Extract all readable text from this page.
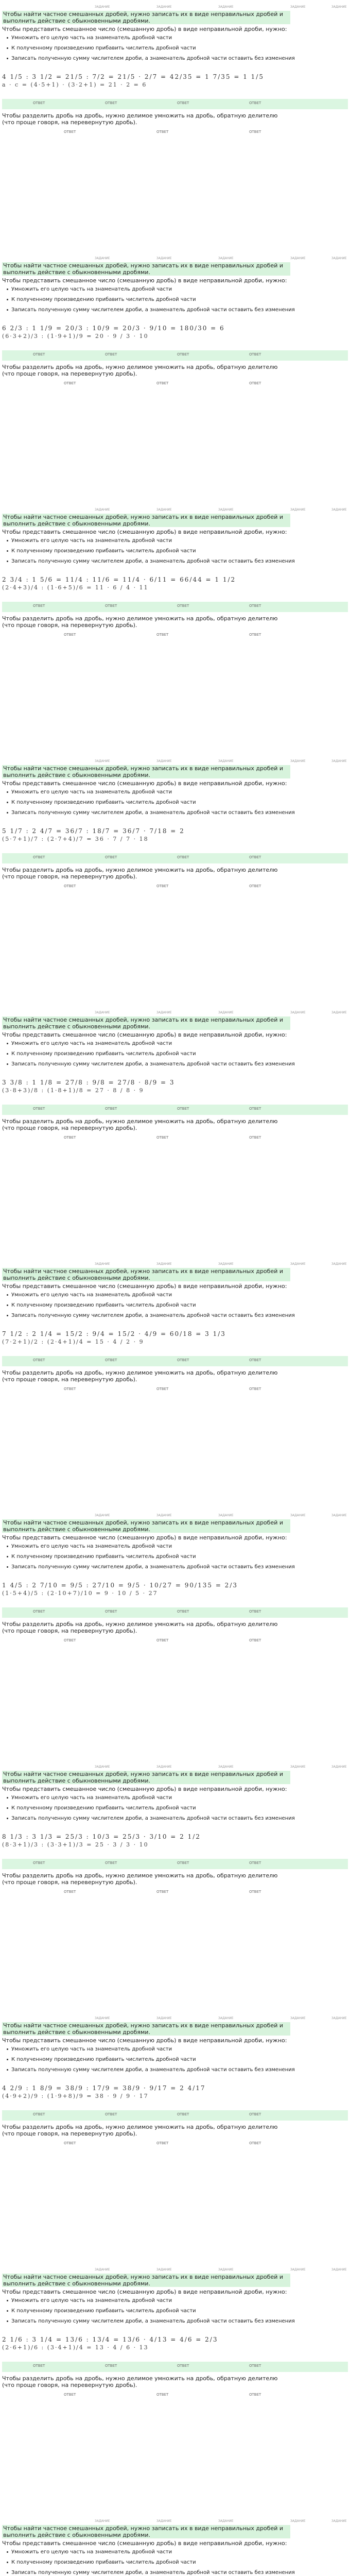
ЗАДАНИЕ	ЗАДАНИЕ	ЗАДАНИЕ	ЗАДАНИЕ	ЗАДАНИЕ
Чтобы найти частное смешанных дробей, нужно записать их в виде неправильных дробей и выполнить действие с обыкновенными дробями.
Чтобы представить смешанное число (смешанную дробь) в виде неправильной дроби, нужно:
Умножить его целую часть на знаменатель дробной части
К полученному произведению прибавить числитель дробной части
Записать полученную сумму числителем дроби, а знаменатель дробной части оставить без изменения
4 1/5 : 3 1/2 = 21/5 : 7/2 = 21/5 · 2/7 = 42/35 = 1 7/35 = 1 1/5
a · c = (4·5+1) · (3·2+1) = 21 · 2 = 6
ОТВЕТ	ОТВЕТ	ОТВЕТ	ОТВЕТ
Чтобы разделить дробь на дробь, нужно делимое умножить на дробь, обратную делителю (что проще говоря, на перевернутую дробь).
ОТВЕТ	ОТВЕТ	ОТВЕТ
ЗАДАНИЕ	ЗАДАНИЕ	ЗАДАНИЕ	ЗАДАНИЕ	ЗАДАНИЕ
Чтобы найти частное смешанных дробей, нужно записать их в виде неправильных дробей и выполнить действие с обыкновенными дробями.
Чтобы представить смешанное число (смешанную дробь) в виде неправильной дроби, нужно:
Умножить его целую часть на знаменатель дробной части
К полученному произведению прибавить числитель дробной части
Записать полученную сумму числителем дроби, а знаменатель дробной части оставить без изменения
6 2/3 : 1 1/9 = 20/3 : 10/9 = 20/3 · 9/10 = 180/30 = 6
(6·3+2)/3 : (1·9+1)/9 = 20 · 9 / 3 · 10
ОТВЕТ	ОТВЕТ	ОТВЕТ	ОТВЕТ
Чтобы разделить дробь на дробь, нужно делимое умножить на дробь, обратную делителю (что проще говоря, на перевернутую дробь).
ОТВЕТ	ОТВЕТ	ОТВЕТ
ЗАДАНИЕ	ЗАДАНИЕ	ЗАДАНИЕ	ЗАДАНИЕ	ЗАДАНИЕ
Чтобы найти частное смешанных дробей, нужно записать их в виде неправильных дробей и выполнить действие с обыкновенными дробями.
Чтобы представить смешанное число (смешанную дробь) в виде неправильной дроби, нужно:
Умножить его целую часть на знаменатель дробной части
К полученному произведению прибавить числитель дробной части
Записать полученную сумму числителем дроби, а знаменатель дробной части оставить без изменения
2 3/4 : 1 5/6 = 11/4 : 11/6 = 11/4 · 6/11 = 66/44 = 1 1/2
(2·4+3)/4 : (1·6+5)/6 = 11 · 6 / 4 · 11
ОТВЕТ	ОТВЕТ	ОТВЕТ	ОТВЕТ
Чтобы разделить дробь на дробь, нужно делимое умножить на дробь, обратную делителю (что проще говоря, на перевернутую дробь).
ОТВЕТ	ОТВЕТ	ОТВЕТ
ЗАДАНИЕ	ЗАДАНИЕ	ЗАДАНИЕ	ЗАДАНИЕ	ЗАДАНИЕ
Чтобы найти частное смешанных дробей, нужно записать их в виде неправильных дробей и выполнить действие с обыкновенными дробями.
Чтобы представить смешанное число (смешанную дробь) в виде неправильной дроби, нужно:
Умножить его целую часть на знаменатель дробной части
К полученному произведению прибавить числитель дробной части
Записать полученную сумму числителем дроби, а знаменатель дробной части оставить без изменения
5 1/7 : 2 4/7 = 36/7 : 18/7 = 36/7 · 7/18 = 2
(5·7+1)/7 : (2·7+4)/7 = 36 · 7 / 7 · 18
ОТВЕТ	ОТВЕТ	ОТВЕТ	ОТВЕТ
Чтобы разделить дробь на дробь, нужно делимое умножить на дробь, обратную делителю (что проще говоря, на перевернутую дробь).
ОТВЕТ	ОТВЕТ	ОТВЕТ
ЗАДАНИЕ	ЗАДАНИЕ	ЗАДАНИЕ	ЗАДАНИЕ	ЗАДАНИЕ
Чтобы найти частное смешанных дробей, нужно записать их в виде неправильных дробей и выполнить действие с обыкновенными дробями.
Чтобы представить смешанное число (смешанную дробь) в виде неправильной дроби, нужно:
Умножить его целую часть на знаменатель дробной части
К полученному произведению прибавить числитель дробной части
Записать полученную сумму числителем дроби, а знаменатель дробной части оставить без изменения
3 3/8 : 1 1/8 = 27/8 : 9/8 = 27/8 · 8/9 = 3
(3·8+3)/8 : (1·8+1)/8 = 27 · 8 / 8 · 9
ОТВЕТ	ОТВЕТ	ОТВЕТ	ОТВЕТ
Чтобы разделить дробь на дробь, нужно делимое умножить на дробь, обратную делителю (что проще говоря, на перевернутую дробь).
ОТВЕТ	ОТВЕТ	ОТВЕТ
ЗАДАНИЕ	ЗАДАНИЕ	ЗАДАНИЕ	ЗАДАНИЕ	ЗАДАНИЕ
Чтобы найти частное смешанных дробей, нужно записать их в виде неправильных дробей и выполнить действие с обыкновенными дробями.
Чтобы представить смешанное число (смешанную дробь) в виде неправильной дроби, нужно:
Умножить его целую часть на знаменатель дробной части
К полученному произведению прибавить числитель дробной части
Записать полученную сумму числителем дроби, а знаменатель дробной части оставить без изменения
7 1/2 : 2 1/4 = 15/2 : 9/4 = 15/2 · 4/9 = 60/18 = 3 1/3
(7·2+1)/2 : (2·4+1)/4 = 15 · 4 / 2 · 9
ОТВЕТ	ОТВЕТ	ОТВЕТ	ОТВЕТ
Чтобы разделить дробь на дробь, нужно делимое умножить на дробь, обратную делителю (что проще говоря, на перевернутую дробь).
ОТВЕТ	ОТВЕТ	ОТВЕТ
ЗАДАНИЕ	ЗАДАНИЕ	ЗАДАНИЕ	ЗАДАНИЕ	ЗАДАНИЕ
Чтобы найти частное смешанных дробей, нужно записать их в виде неправильных дробей и выполнить действие с обыкновенными дробями.
Чтобы представить смешанное число (смешанную дробь) в виде неправильной дроби, нужно:
Умножить его целую часть на знаменатель дробной части
К полученному произведению прибавить числитель дробной части
Записать полученную сумму числителем дроби, а знаменатель дробной части оставить без изменения
1 4/5 : 2 7/10 = 9/5 : 27/10 = 9/5 · 10/27 = 90/135 = 2/3
(1·5+4)/5 : (2·10+7)/10 = 9 · 10 / 5 · 27
ОТВЕТ	ОТВЕТ	ОТВЕТ	ОТВЕТ
Чтобы разделить дробь на дробь, нужно делимое умножить на дробь, обратную делителю (что проще говоря, на перевернутую дробь).
ОТВЕТ	ОТВЕТ	ОТВЕТ
ЗАДАНИЕ	ЗАДАНИЕ	ЗАДАНИЕ	ЗАДАНИЕ	ЗАДАНИЕ
Чтобы найти частное смешанных дробей, нужно записать их в виде неправильных дробей и выполнить действие с обыкновенными дробями.
Чтобы представить смешанное число (смешанную дробь) в виде неправильной дроби, нужно:
Умножить его целую часть на знаменатель дробной части
К полученному произведению прибавить числитель дробной части
Записать полученную сумму числителем дроби, а знаменатель дробной части оставить без изменения
8 1/3 : 3 1/3 = 25/3 : 10/3 = 25/3 · 3/10 = 2 1/2
(8·3+1)/3 : (3·3+1)/3 = 25 · 3 / 3 · 10
ОТВЕТ	ОТВЕТ	ОТВЕТ	ОТВЕТ
Чтобы разделить дробь на дробь, нужно делимое умножить на дробь, обратную делителю (что проще говоря, на перевернутую дробь).
ОТВЕТ	ОТВЕТ	ОТВЕТ
ЗАДАНИЕ	ЗАДАНИЕ	ЗАДАНИЕ	ЗАДАНИЕ	ЗАДАНИЕ
Чтобы найти частное смешанных дробей, нужно записать их в виде неправильных дробей и выполнить действие с обыкновенными дробями.
Чтобы представить смешанное число (смешанную дробь) в виде неправильной дроби, нужно:
Умножить его целую часть на знаменатель дробной части
К полученному произведению прибавить числитель дробной части
Записать полученную сумму числителем дроби, а знаменатель дробной части оставить без изменения
4 2/9 : 1 8/9 = 38/9 : 17/9 = 38/9 · 9/17 = 2 4/17
(4·9+2)/9 : (1·9+8)/9 = 38 · 9 / 9 · 17
ОТВЕТ	ОТВЕТ	ОТВЕТ	ОТВЕТ
Чтобы разделить дробь на дробь, нужно делимое умножить на дробь, обратную делителю (что проще говоря, на перевернутую дробь).
ОТВЕТ	ОТВЕТ	ОТВЕТ
ЗАДАНИЕ	ЗАДАНИЕ	ЗАДАНИЕ	ЗАДАНИЕ	ЗАДАНИЕ
Чтобы найти частное смешанных дробей, нужно записать их в виде неправильных дробей и выполнить действие с обыкновенными дробями.
Чтобы представить смешанное число (смешанную дробь) в виде неправильной дроби, нужно:
Умножить его целую часть на знаменатель дробной части
К полученному произведению прибавить числитель дробной части
Записать полученную сумму числителем дроби, а знаменатель дробной части оставить без изменения
2 1/6 : 3 1/4 = 13/6 : 13/4 = 13/6 · 4/13 = 4/6 = 2/3
(2·6+1)/6 : (3·4+1)/4 = 13 · 4 / 6 · 13
ОТВЕТ	ОТВЕТ	ОТВЕТ	ОТВЕТ
Чтобы разделить дробь на дробь, нужно делимое умножить на дробь, обратную делителю (что проще говоря, на перевернутую дробь).
ОТВЕТ	ОТВЕТ	ОТВЕТ
ЗАДАНИЕ	ЗАДАНИЕ	ЗАДАНИЕ	ЗАДАНИЕ	ЗАДАНИЕ
Чтобы найти частное смешанных дробей, нужно записать их в виде неправильных дробей и выполнить действие с обыкновенными дробями.
Чтобы представить смешанное число (смешанную дробь) в виде неправильной дроби, нужно:
Умножить его целую часть на знаменатель дробной части
К полученному произведению прибавить числитель дробной части
Записать полученную сумму числителем дроби, а знаменатель дробной части оставить без изменения
